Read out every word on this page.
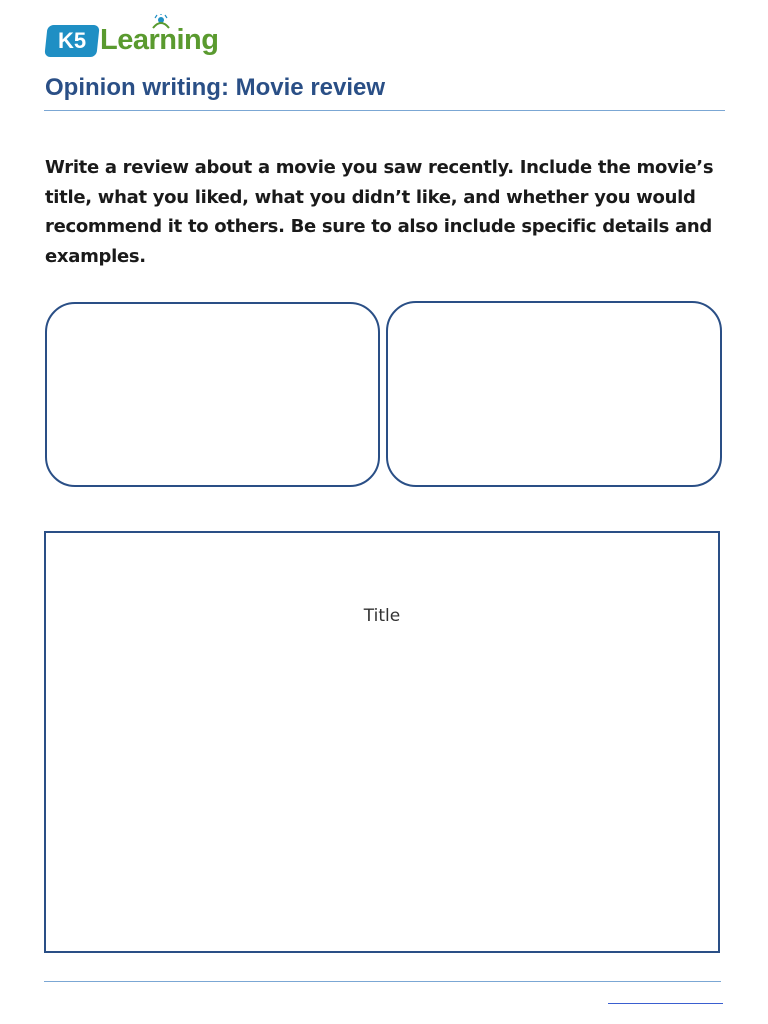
K5 Learning
Opinion writing: Movie review
Write a review about a movie you saw recently. Include the movie’s title, what you liked, what you didn’t like, and whether you would recommend it to others. Be sure to also include specific details and examples.
Title
